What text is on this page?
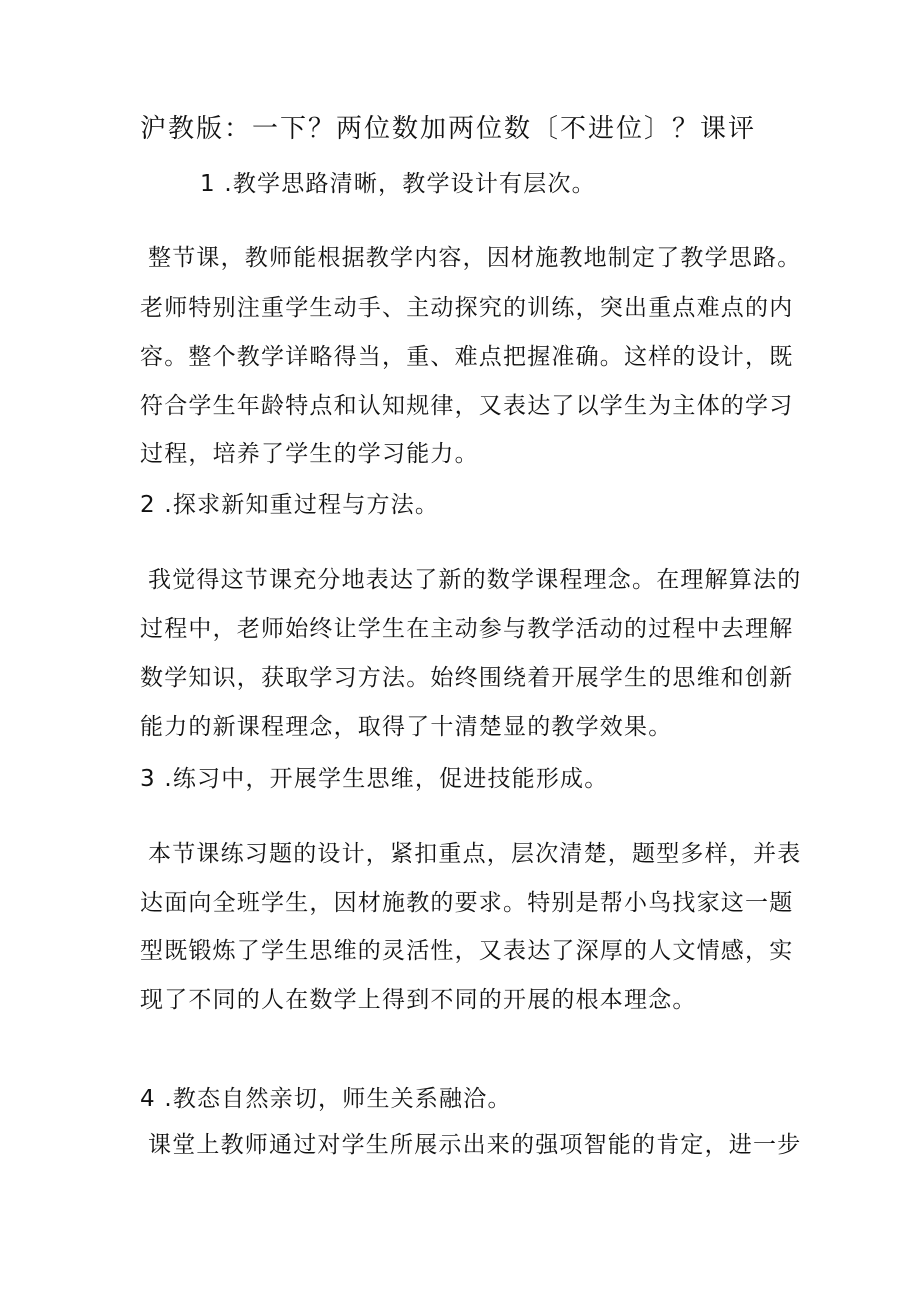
沪教版：一下？两位数加两位数〔不进位〕？课评
1 .教学思路清晰，教学设计有层次。
整节课，教师能根据教学内容，因材施教地制定了教学思路。
老师特别注重学生动手、主动探究的训练，突出重点难点的内
容。整个教学详略得当，重、难点把握准确。这样的设计，既
符合学生年龄特点和认知规律，又表达了以学生为主体的学习
过程，培养了学生的学习能力。
2 .探求新知重过程与方法。
我觉得这节课充分地表达了新的数学课程理念。在理解算法的
过程中，老师始终让学生在主动参与教学活动的过程中去理解
数学知识，获取学习方法。始终围绕着开展学生的思维和创新
能力的新课程理念，取得了十清楚显的教学效果。
3 .练习中，开展学生思维，促进技能形成。
本节课练习题的设计，紧扣重点，层次清楚，题型多样，并表
达面向全班学生，因材施教的要求。特别是帮小鸟找家这一题
型既锻炼了学生思维的灵活性，又表达了深厚的人文情感，实
现了不同的人在数学上得到不同的开展的根本理念。
4 .教态自然亲切，师生关系融洽。
课堂上教师通过对学生所展示出来的强项智能的肯定，进一步
